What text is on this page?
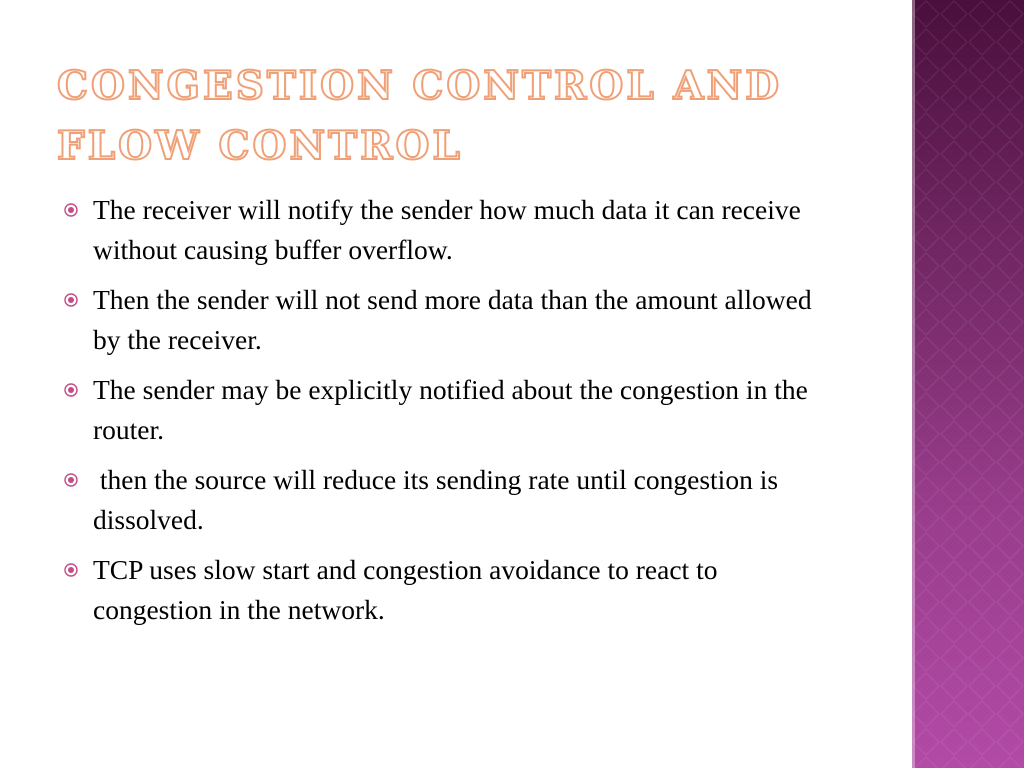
CONGESTION CONTROL AND FLOW CONTROL
The receiver will notify the sender how much data it can receive without causing buffer overflow.
Then the sender will not send more data than the amount allowed by the receiver.
The sender may be explicitly notified about the congestion in the router.
then the source will reduce its sending rate until congestion is dissolved.
TCP uses slow start and congestion avoidance to react to congestion in the network.
